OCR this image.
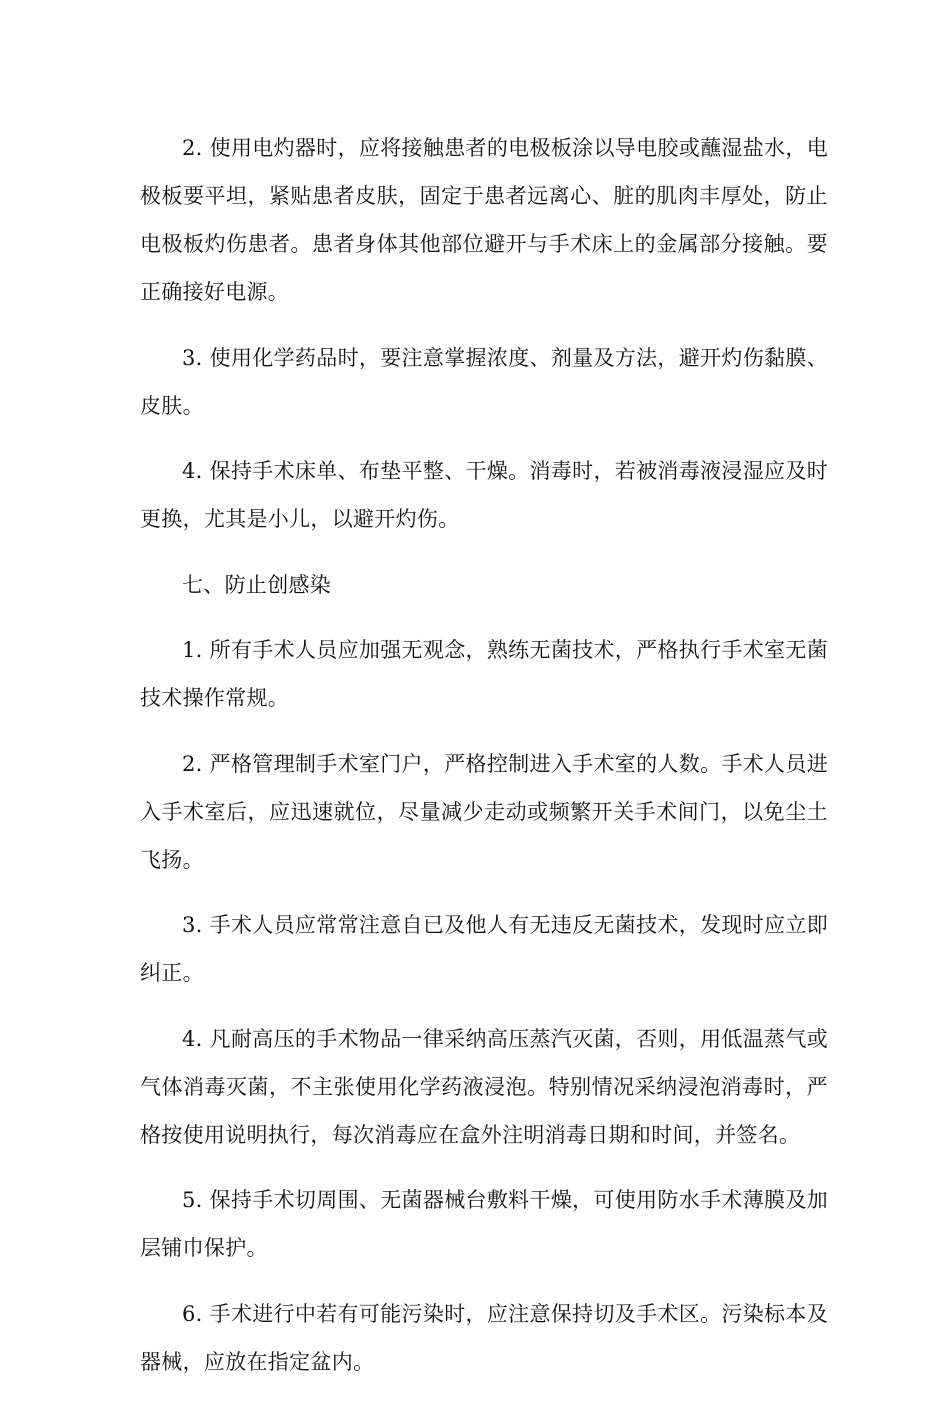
2. 使用电灼器时，应将接触患者的电极板涂以导电胶或蘸湿盐水，电极板要平坦，紧贴患者皮肤，固定于患者远离心、脏的肌肉丰厚处，防止电极板灼伤患者。患者身体其他部位避开与手术床上的金属部分接触。要正确接好电源。

3. 使用化学药品时，要注意掌握浓度、剂量及方法，避开灼伤黏膜、皮肤。

4. 保持手术床单、布垫平整、干燥。消毒时，若被消毒液浸湿应及时更换，尤其是小儿，以避开灼伤。

七、防止创感染

1. 所有手术人员应加强无观念，熟练无菌技术，严格执行手术室无菌技术操作常规。

2. 严格管理制手术室门户，严格控制进入手术室的人数。手术人员进入手术室后，应迅速就位，尽量减少走动或频繁开关手术间门，以免尘土飞扬。

3. 手术人员应常常注意自已及他人有无违反无菌技术，发现时应立即纠正。

4. 凡耐高压的手术物品一律采纳高压蒸汽灭菌，否则，用低温蒸气或气体消毒灭菌，不主张使用化学药液浸泡。特别情况采纳浸泡消毒时，严格按使用说明执行，每次消毒应在盒外注明消毒日期和时间，并签名。

5. 保持手术切周围、无菌器械台敷料干燥，可使用防水手术薄膜及加层铺巾保护。

6. 手术进行中若有可能污染时，应注意保持切及手术区。污染标本及器械，应放在指定盆内。
